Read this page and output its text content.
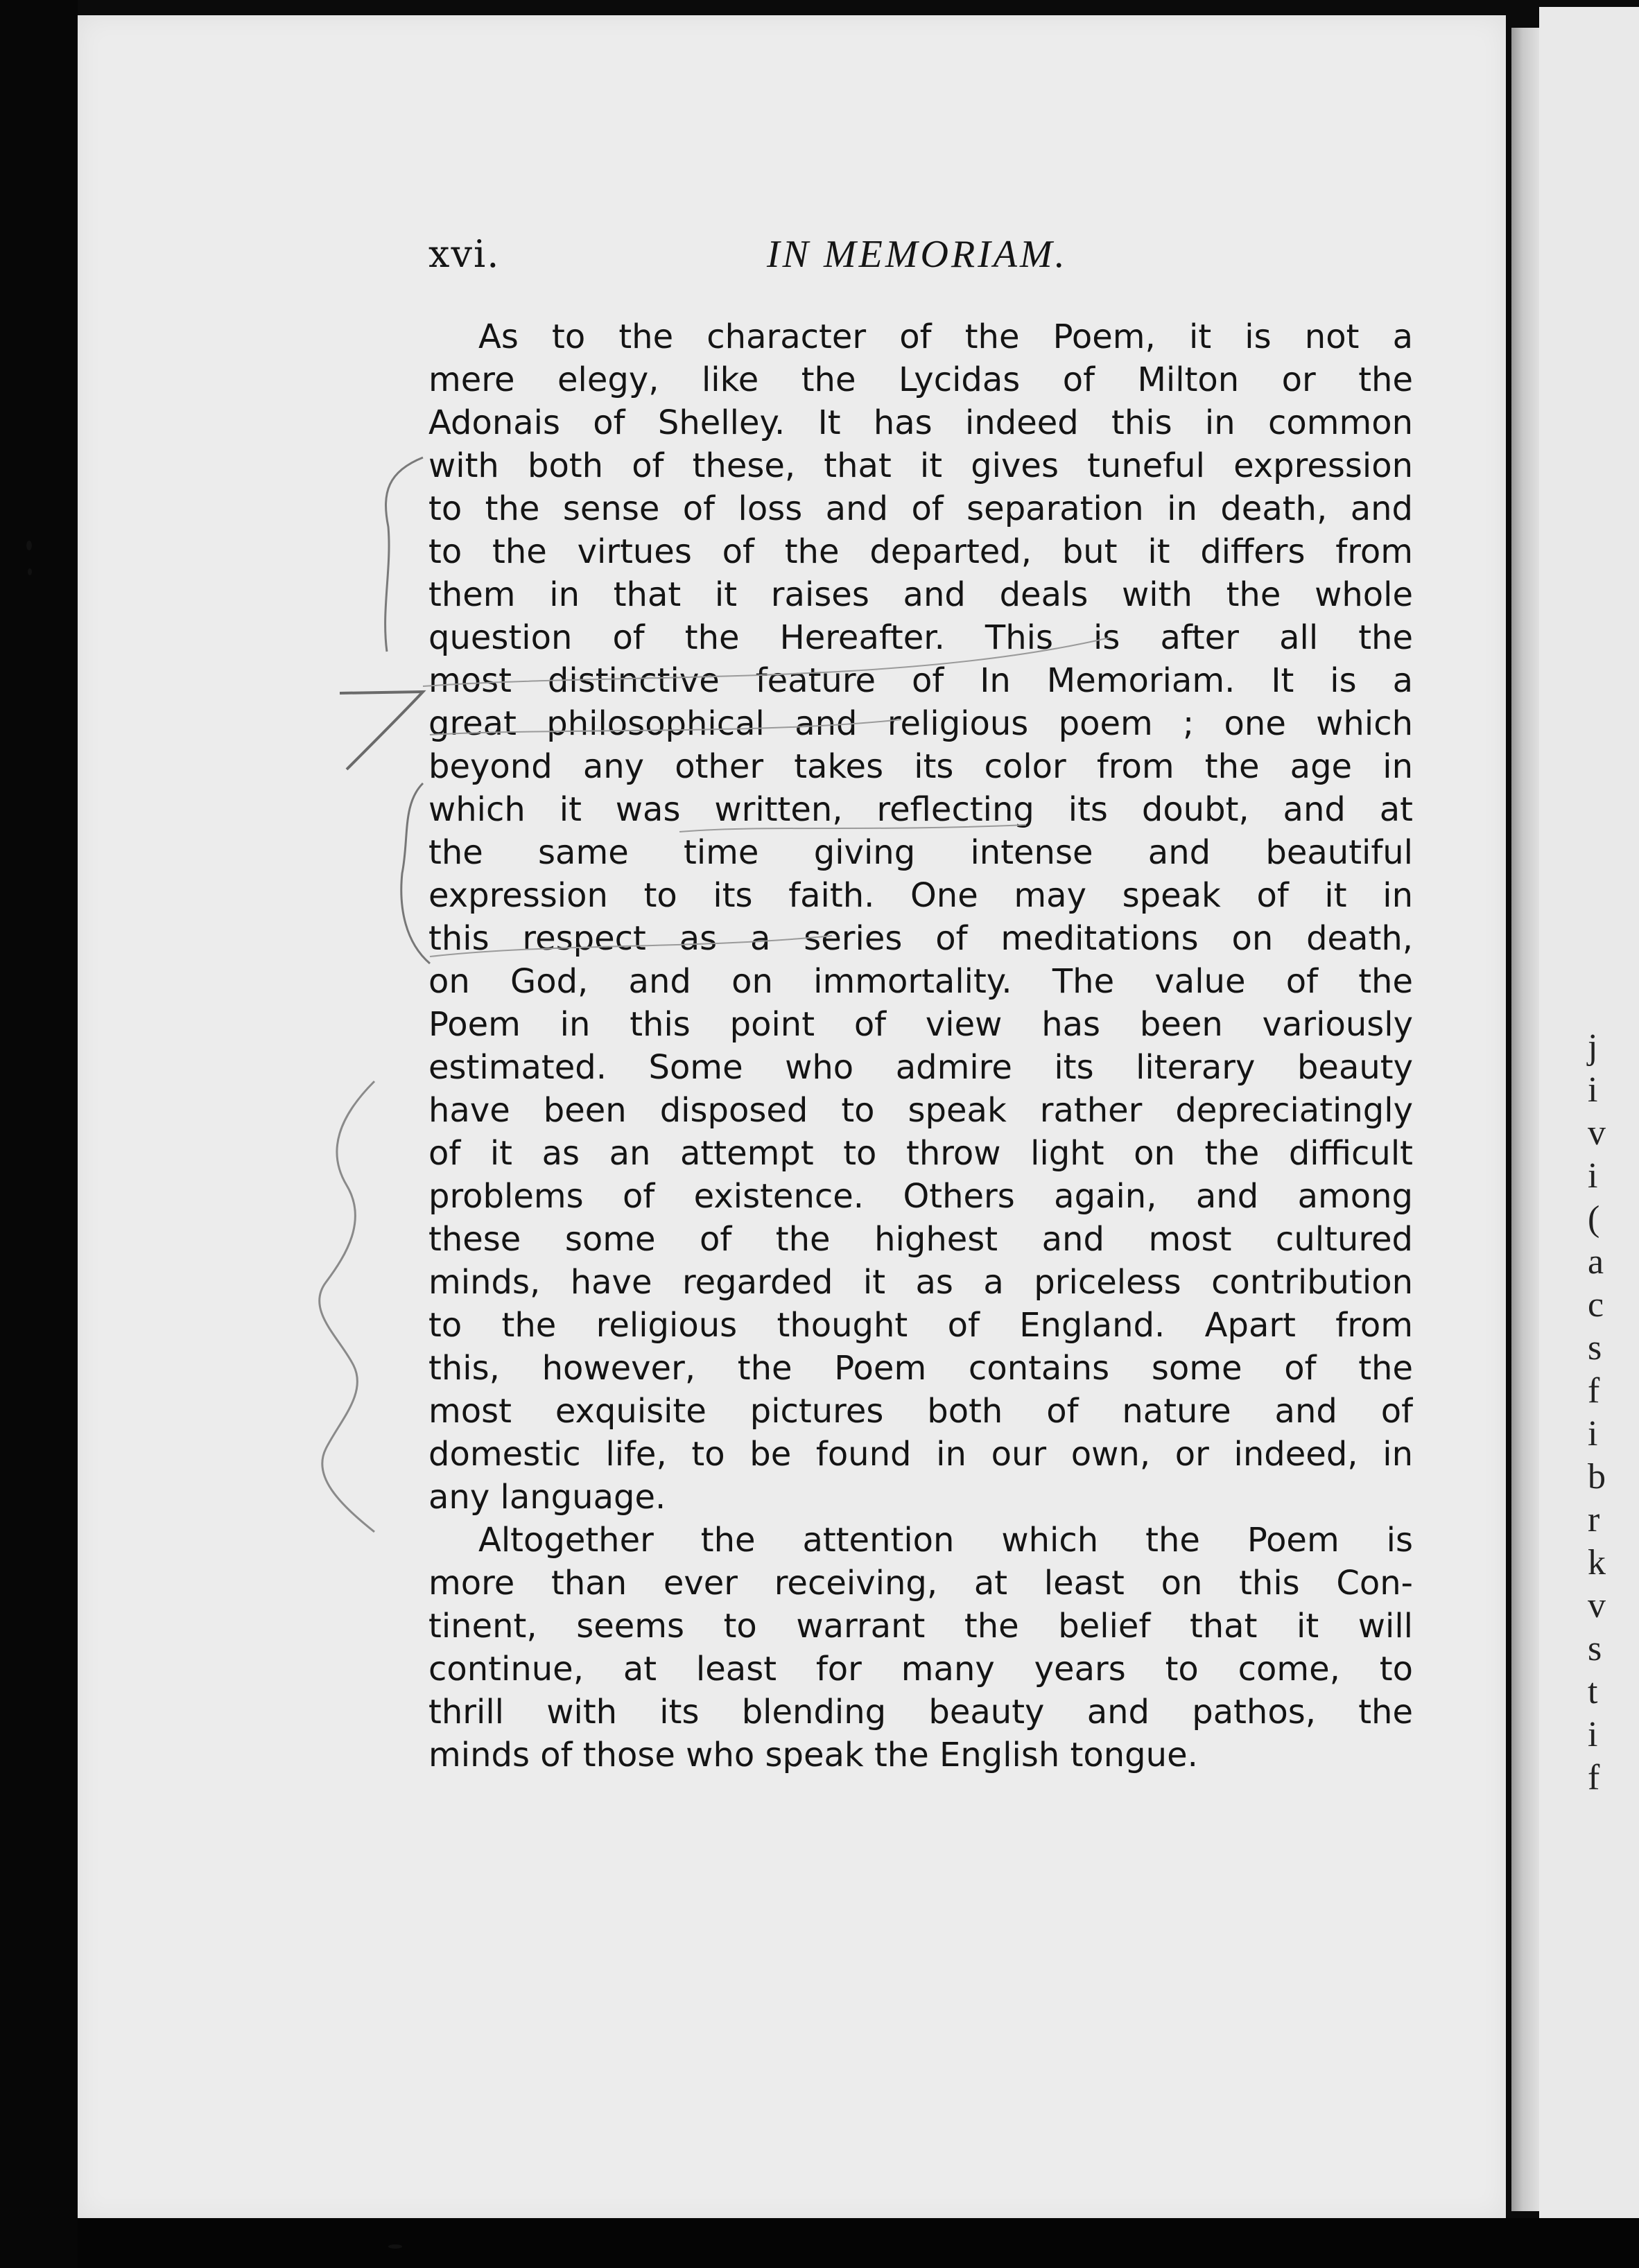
xvi.	IN MEMORIAM.
As to the character of the Poem, it is not a
mere elegy, like the Lycidas of Milton or the
Adonais of Shelley. It has indeed this in common
with both of these, that it gives tuneful expression
to the sense of loss and of separation in death, and
to the virtues of the departed, but it differs from
them in that it raises and deals with the whole
question of the Hereafter. This is after all the
most distinctive feature of In Memoriam. It is a
great philosophical and religious poem ; one which
beyond any other takes its color from the age in
which it was written, reflecting its doubt, and at
the same time giving intense and beautiful
expression to its faith. One may speak of it in
this respect as a series of meditations on death,
on God, and on immortality. The value of the
Poem in this point of view has been variously
estimated. Some who admire its literary beauty
have been disposed to speak rather depreciatingly
of it as an attempt to throw light on the difficult
problems of existence. Others again, and among
these some of the highest and most cultured
minds, have regarded it as a priceless contribution
to the religious thought of England. Apart from
this, however, the Poem contains some of the
most exquisite pictures both of nature and of
domestic life, to be found in our own, or indeed, in
any language.
Altogether the attention which the Poem is
more than ever receiving, at least on this Con-
tinent, seems to warrant the belief that it will
continue, at least for many years to come, to
thrill with its blending beauty and pathos, the
minds of those who speak the English tongue.
j
i
v
i
(
a
c
s
f
i
b
r
k
v
s
t
i
f
